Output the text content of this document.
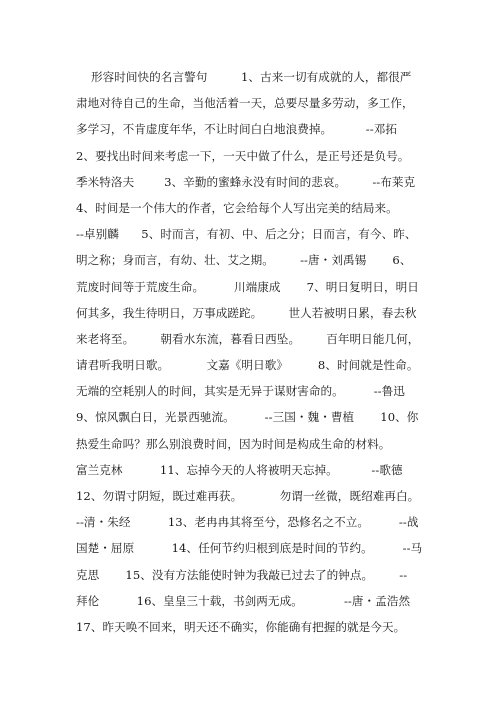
形容时间快的名言警句         1、古来一切有成就的人，都很严
肃地对待自己的生命，当他活着一天，总要尽量多劳动，多工作，
多学习，不肯虚度年华，不让时间白白地浪费掉。         --邓拓
2、要找出时间来考虑一下，一天中做了什么，是正号还是负号。
季米特洛夫        3、辛勤的蜜蜂永没有时间的悲哀。       --布莱克
4、时间是一个伟大的作者，它会给每个人写出完美的结局来。
--卓别麟      5、时而言，有初、中、后之分；日而言，有今、昨、
明之称；身而言，有幼、壮、艾之期。       --唐・刘禹锡       6、
荒废时间等于荒废生命。        川端康成       7、明日复明日，明日
何其多，我生待明日，万事成蹉跎。       世人若被明日累，春去秋
来老将至。       朝看水东流，暮看日西坠。       百年明日能几何，
请君听我明日歌。          文嘉《明日歌》        8、时间就是性命。
无端的空耗别人的时间，其实是无异于谋财害命的。        --鲁迅
9、惊风飘白日，光景西驰流。        --三国・魏・曹植       10、你
热爱生命吗？那么别浪费时间，因为时间是构成生命的材料。
富兰克林          11、忘掉今天的人将被明天忘掉。         --歌德
12、勿谓寸阴短，既过难再获。          勿谓一丝微，既绍难再白。
--清・朱经          13、老冉冉其将至兮，恐修名之不立。        --战
国楚・屈原          14、任何节约归根到底是时间的节约。        --马
克思       15、没有方法能使时钟为我敲已过去了的钟点。       --
拜伦          16、皇皇三十载，书剑两无成。           --唐・孟浩然
17、昨天唤不回来，明天还不确实，你能确有把握的就是今天。
